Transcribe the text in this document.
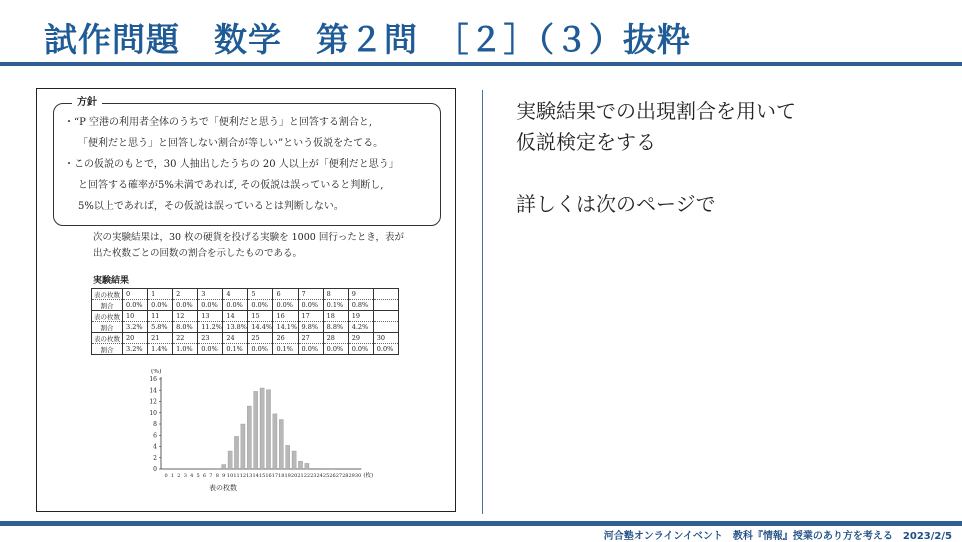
試作問題　数学　第２問　［２］（３）抜粋
方針
・“P 空港の利用者全体のうちで「便利だと思う」と回答する割合と,
「便利だと思う」と回答しない割合が等しい”という仮説をたてる。
・この仮説のもとで，30 人抽出したうちの 20 人以上が「便利だと思う」
と回答する確率が5%未満であれば, その仮説は誤っていると判断し,
5%以上であれば，その仮説は誤っているとは判断しない。
次の実験結果は，30 枚の硬貨を投げる実験を 1000 回行ったとき，表が
出た枚数ごとの回数の割合を示したものである。
実験結果
表の枚数	0	1	2	3	4	5	6	7	8	9	
割合	0.0%	0.0%	0.0%	0.0%	0.0%	0.0%	0.0%	0.0%	0.1%	0.8%	
表の枚数	10	11	12	13	14	15	16	17	18	19	
割合	3.2%	5.8%	8.0%	11.2%	13.8%	14.4%	14.1%	9.8%	8.8%	4.2%	
表の枚数	20	21	22	23	24	25	26	27	28	29	30
割合	3.2%	1.4%	1.0%	0.0%	0.1%	0.0%	0.1%	0.0%	0.0%	0.0%	0.0%
0
2
4
6
8
10
12
14
16
(%)
0 1 2 3 4 5 6 7 8 9 10 11 12 13 14 15 16 17 18 19 20 21 22 23 24 25 26 27 28 29 30 (枚)
表の枚数
実験結果での出現割合を用いて
仮説検定をする
詳しくは次のページで
河合塾オンラインイベント　教科『情報』授業のあり方を考える　2023/2/5
